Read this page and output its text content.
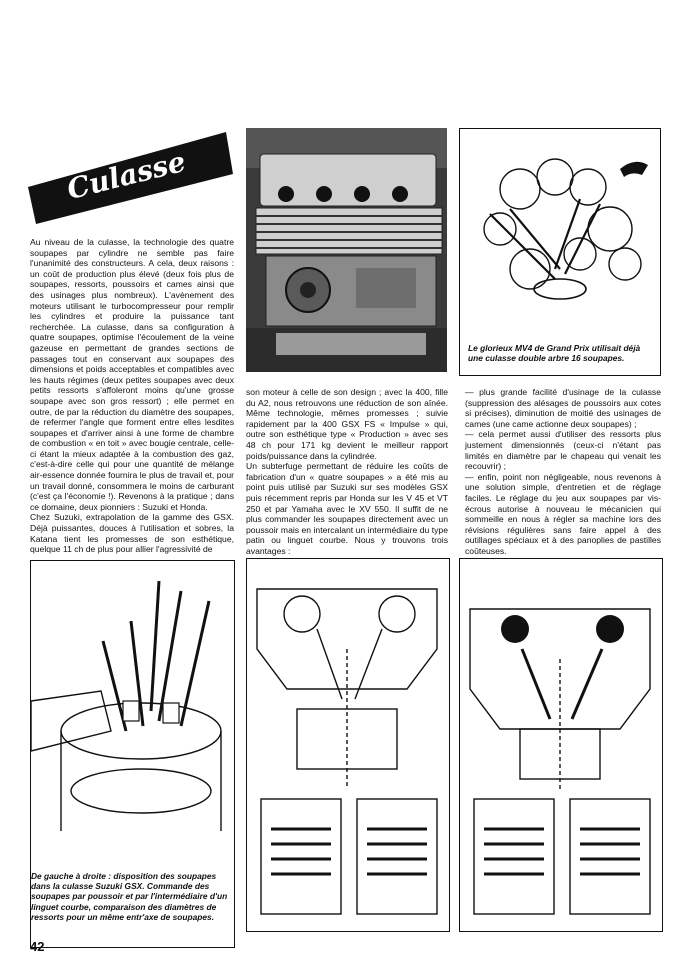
Culasse

Au niveau de la culasse, la technologie des quatre soupapes par cylindre ne semble pas faire l'unanimité des constructeurs. A cela, deux raisons : un coût de production plus élevé (deux fois plus de soupapes, ressorts, poussoirs et cames ainsi que des usinages plus nombreux). L'avènement des moteurs utilisant le turbocompresseur pour remplir les cylindres et produire la puissance tant recherchée. La culasse, dans sa configuration à quatre soupapes, optimise l'écoulement de la veine gazeuse en permettant de grandes sections de passages tout en conservant aux soupapes des dimensions et poids acceptables et compatibles avec les hauts régimes (deux petites soupapes avec deux petits ressorts s'affoleront moins qu'une grosse soupape avec son gros ressort) ; elle permet en outre, de par la réduction du diamètre des soupapes, de refermer l'angle que forment entre elles lesdites soupapes et d'arriver ainsi à une forme de chambre de combustion « en toit » avec bougie centrale, celle-ci étant la mieux adaptée à la combustion des gaz, c'est-à-dire celle qui pour une quantité de mélange air-essence donnée fournira le plus de travail et, pour un travail donné, consommera le moins de carburant (c'est ça l'économie !). Revenons à la pratique ; dans ce domaine, deux pionniers : Suzuki et Honda.

Chez Suzuki, extrapolation de la gamme des GSX. Déjà puissantes, douces à l'utilisation et sobres, la Katana tient les promesses de son esthétique, quelque 11 ch de plus pour allier l'agressivité de

son moteur à celle de son design ; avec la 400, fille du A2, nous retrouvons une réduction de son aînée. Même technologie, mêmes promesses ; suivie rapidement par la 400 GSX FS « Impulse » qui, outre son esthétique type « Production » avec ses 48 ch pour 171 kg devient le meilleur rapport poids/puissance dans la cylindrée.

Un subterfuge permettant de réduire les coûts de fabrication d'un « quatre soupapes » a été mis au point puis utilisé par Suzuki sur ses modèles GSX puis récemment repris par Honda sur les V 45 et VT 250 et par Yamaha avec le XV 550. Il suffit de ne plus commander les soupapes directement avec un poussoir mais en intercalant un intermédiaire du type patin ou linguet courbe. Nous y trouvons trois avantages :

Le glorieux MV4 de Grand Prix utilisait déjà une culasse double arbre 16 soupapes.

— plus grande facilité d'usinage de la culasse (suppression des alésages de poussoirs aux cotes si précises), diminution de moitié des usinages de cames (une came actionne deux soupapes) ;

— cela permet aussi d'utiliser des ressorts plus justement dimensionnés (ceux-ci n'étant pas limités en diamètre par le chapeau qui venait les recouvrir) ;

— enfin, point non négligeable, nous revenons à une solution simple, d'entretien et de réglage faciles. Le réglage du jeu aux soupapes par vis-écrous autorise à nouveau le mécanicien qui sommeille en nous à régler sa machine lors des révisions régulières sans faire appel à des outillages spéciaux et à des panoplies de pastilles coûteuses.

De gauche à droite : disposition des soupapes dans la culasse Suzuki GSX. Commande des soupapes par poussoir et par l'intermédiaire d'un linguet courbe, comparaison des diamètres de ressorts pour un même entr'axe de soupapes.
42
